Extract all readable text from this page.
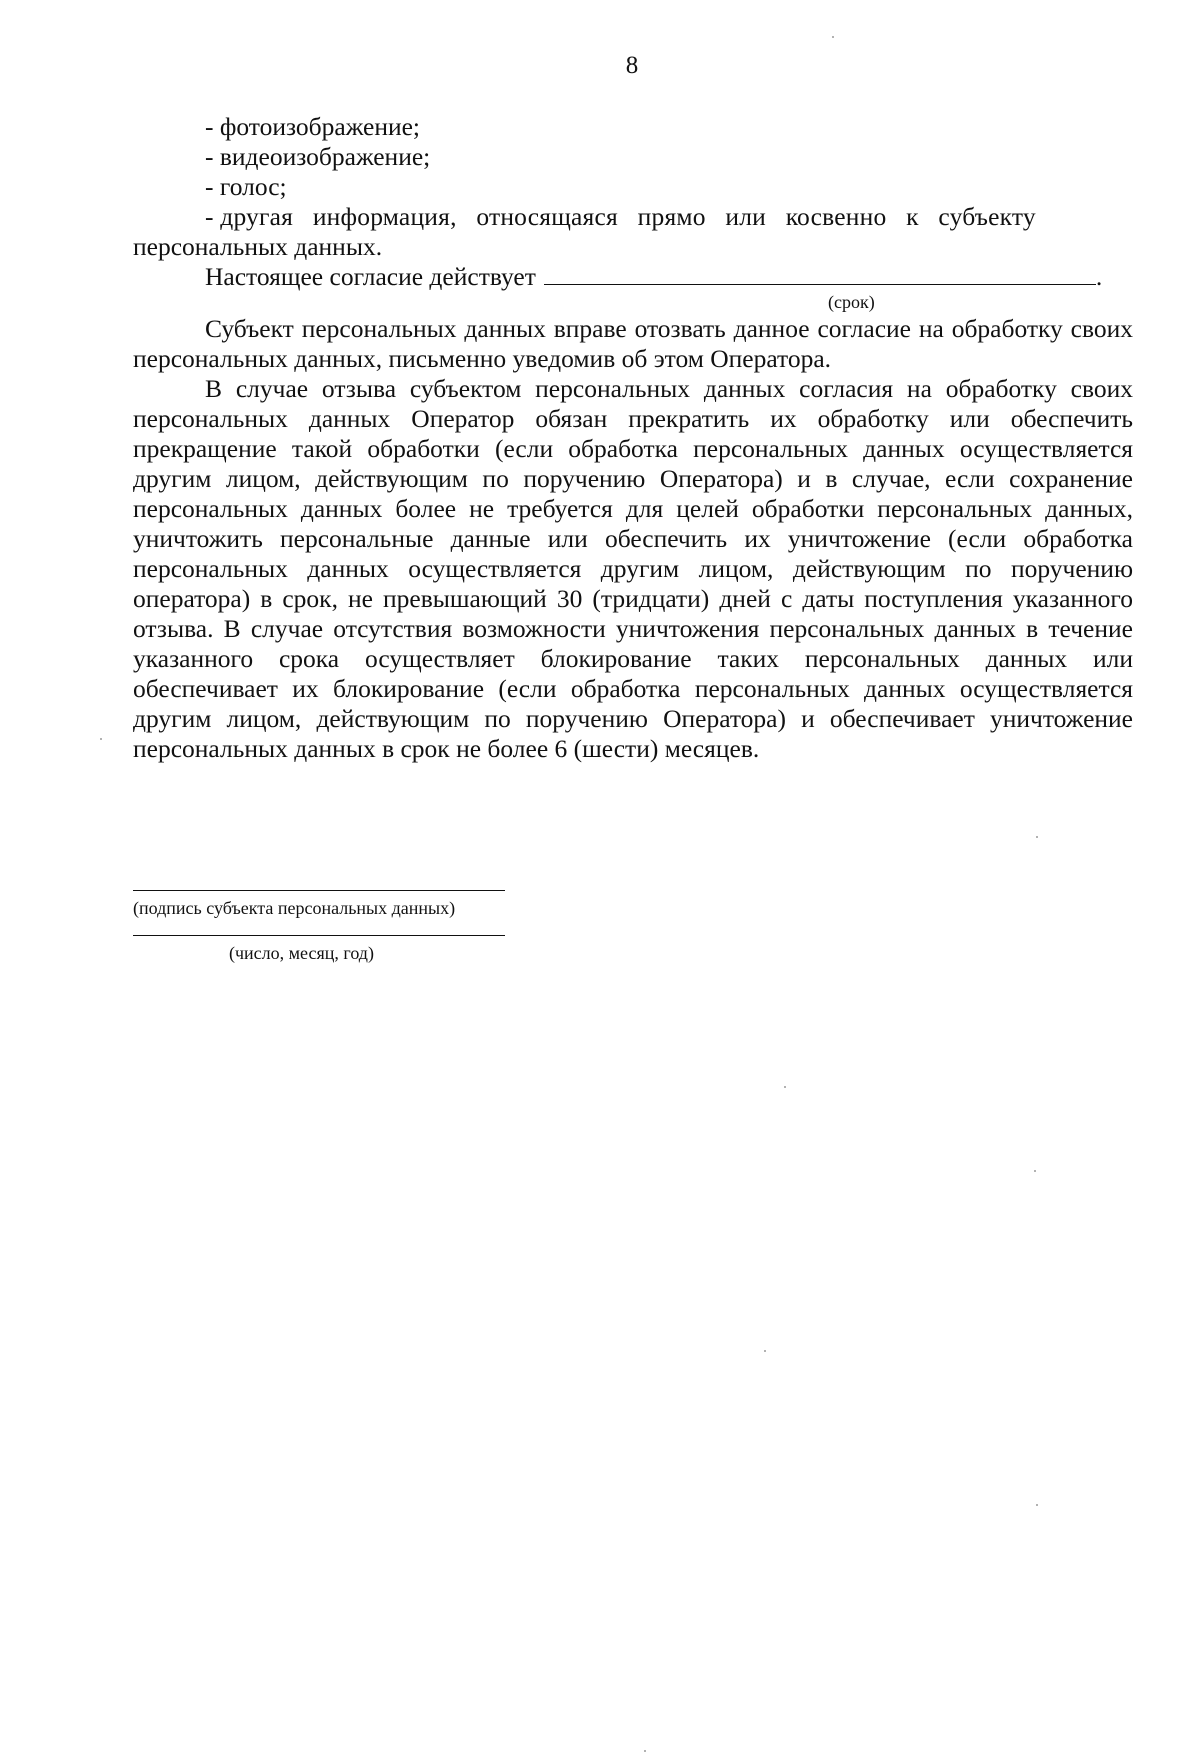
8
- фотоизображение;
- видеоизображение;
- голос;
- другая   информация,   относящаяся   прямо   или   косвенно   к   субъекту
персональных данных.
Настоящее согласие действует	.
(срок)

Субъект персональных данных вправе отозвать данное согласие на обработку своих персональных данных, письменно уведомив об этом Оператора.

В случае отзыва субъектом персональных данных согласия на обработку своих персональных данных Оператор обязан прекратить их обработку или обеспечить прекращение такой обработки (если обработка персональных данных осуществляется другим лицом, действующим по поручению Оператора) и в случае, если сохранение персональных данных более не требуется для целей обработки персональных данных, уничтожить персональные данные или обеспечить их уничтожение (если обработка персональных данных осуществляется другим лицом, действующим по поручению оператора) в срок, не превышающий 30 (тридцати) дней с даты поступления указанного отзыва. В случае отсутствия возможности уничтожения персональных данных в течение указанного срока осуществляет блокирование таких персональных данных или обеспечивает их блокирование (если обработка персональных данных осуществляется другим лицом, действующим по поручению Оператора) и обеспечивает уничтожение персональных данных в срок не более 6 (шести) месяцев.

(подпись субъекта персональных данных)
(число, месяц, год)
